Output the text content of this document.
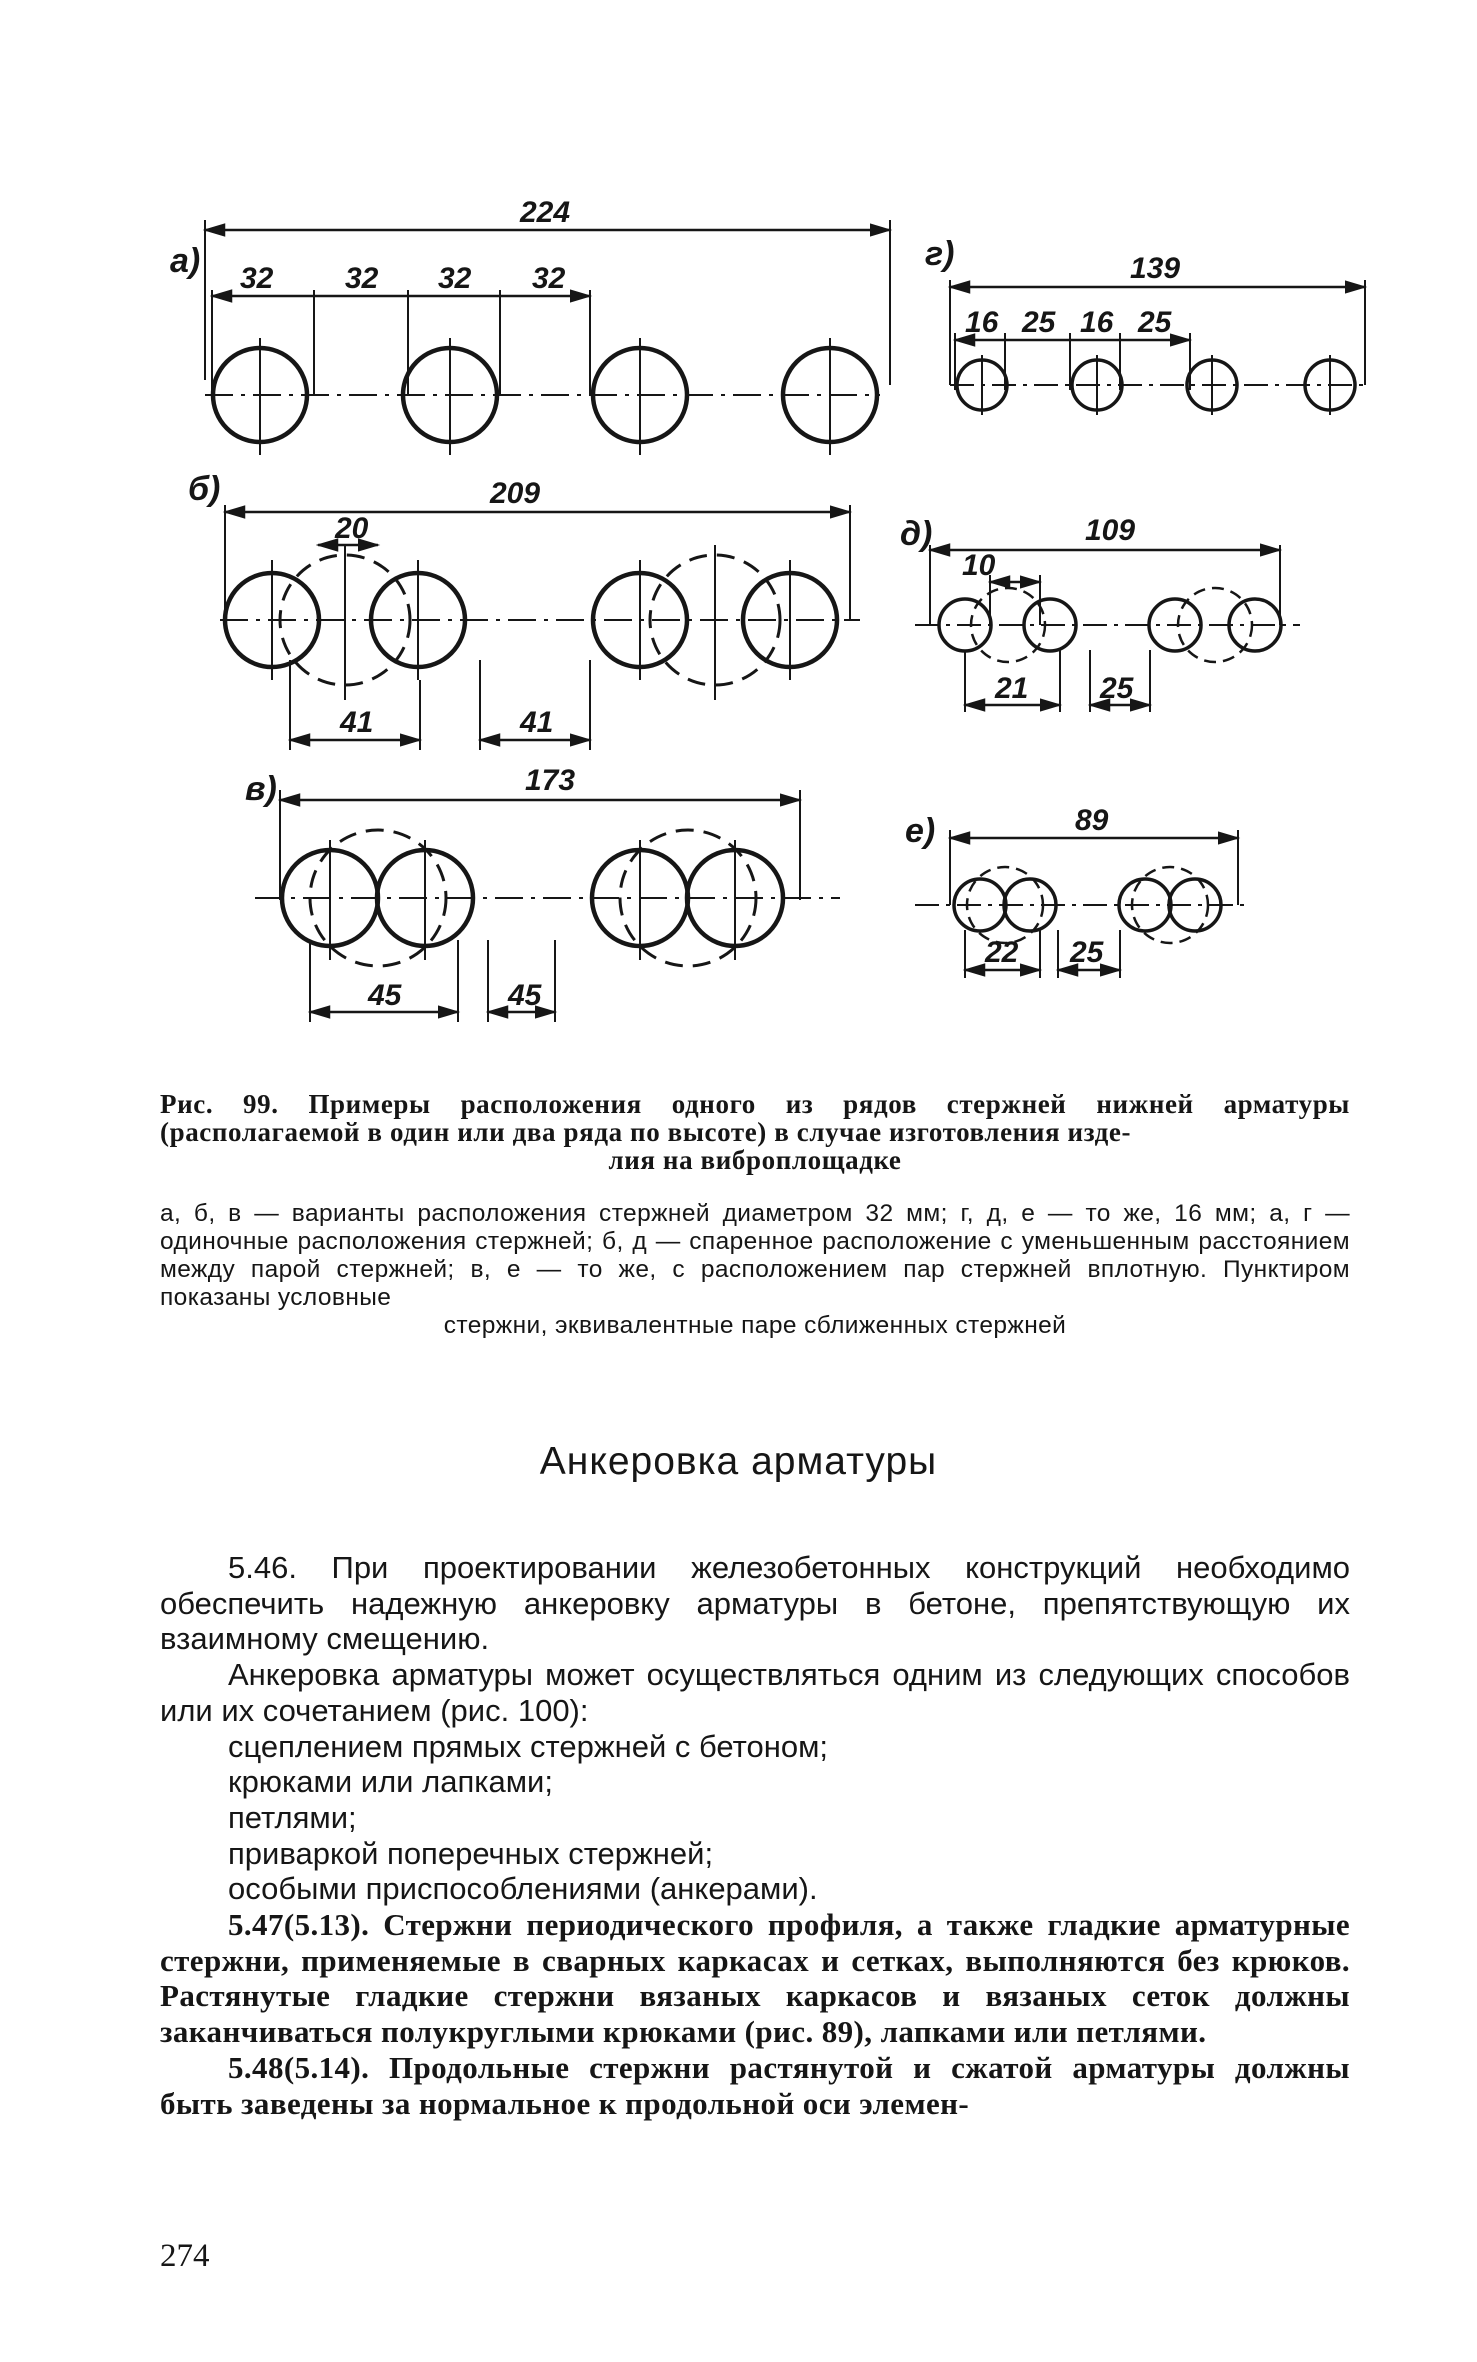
а)
224
32 32 32 32
б)	209
20
41	41
в)	173
45	45
г)	139
16 25 16 25
д)	109
10
21 25
е)	89
22 25
Рис. 99. Примеры расположения одного из рядов стержней нижней арматуры (располагаемой в один или два ряда по высоте) в случае изготовления изде-
лия на виброплощадке
а, б, в — варианты расположения стержней диаметром 32 мм; г, д, е — то же, 16 мм; а, г — одиночные расположения стержней; б, д — спаренное расположение с уменьшенным расстоянием между парой стержней; в, е — то же, с расположением пар стержней вплотную. Пунктиром показаны условные
стержни, эквивалентные паре сближенных стержней
Анкеровка арматуры

5.46. При проектировании железобетонных конструкций необходимо обеспечить надежную анкеровку арматуры в бетоне, препятствующую их взаимному смещению.

Анкеровка арматуры может осуществляться одним из следующих способов или их сочетанием (рис. 100):

сцеплением прямых стержней с бетоном;

крюками или лапками;

петлями;

приваркой поперечных стержней;

особыми приспособлениями (анкерами).

5.47(5.13). Стержни периодического профиля, а также гладкие арматурные стержни, применяемые в сварных каркасах и сетках, выполняются без крюков. Растянутые гладкие стержни вязаных каркасов и вязаных сеток должны заканчиваться полукруглыми крюками (рис. 89), лапками или петлями.

5.48(5.14). Продольные стержни растянутой и сжатой арматуры должны быть заведены за нормальное к продольной оси элемен-

274
